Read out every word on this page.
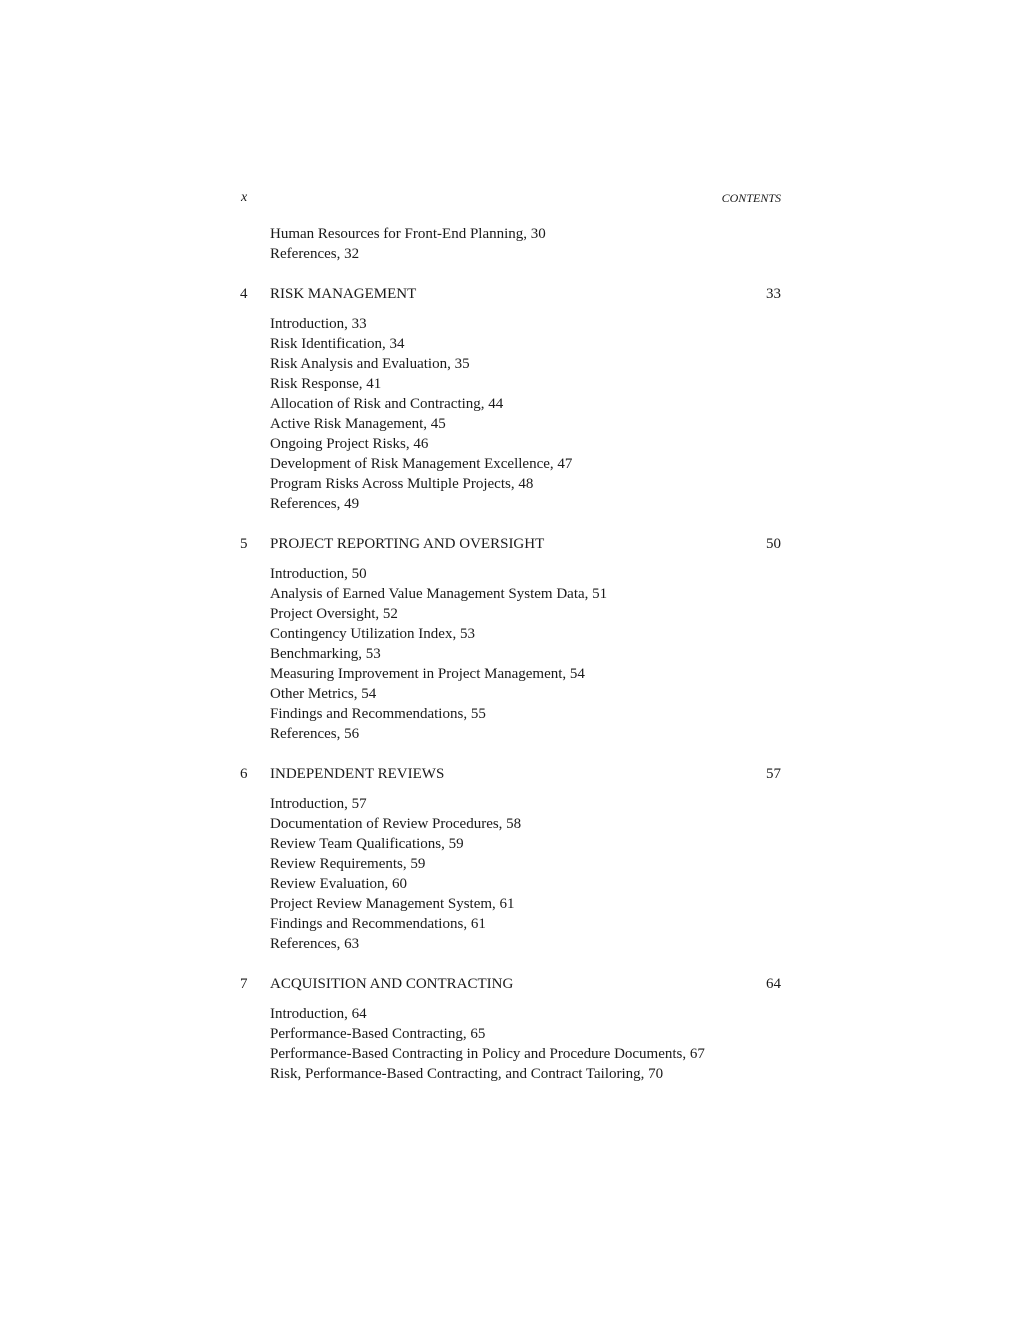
x	CONTENTS
Human Resources for Front-End Planning, 30
References, 32
4 RISK MANAGEMENT	33
Introduction, 33
Risk Identification, 34
Risk Analysis and Evaluation, 35
Risk Response, 41
Allocation of Risk and Contracting, 44
Active Risk Management, 45
Ongoing Project Risks, 46
Development of Risk Management Excellence, 47
Program Risks Across Multiple Projects, 48
References, 49
5 PROJECT REPORTING AND OVERSIGHT	50
Introduction, 50
Analysis of Earned Value Management System Data, 51
Project Oversight, 52
Contingency Utilization Index, 53
Benchmarking, 53
Measuring Improvement in Project Management, 54
Other Metrics, 54
Findings and Recommendations, 55
References, 56
6 INDEPENDENT REVIEWS	57
Introduction, 57
Documentation of Review Procedures, 58
Review Team Qualifications, 59
Review Requirements, 59
Review Evaluation, 60
Project Review Management System, 61
Findings and Recommendations, 61
References, 63
7 ACQUISITION AND CONTRACTING	64
Introduction, 64
Performance-Based Contracting, 65
Performance-Based Contracting in Policy and Procedure Documents, 67
Risk, Performance-Based Contracting, and Contract Tailoring, 70
